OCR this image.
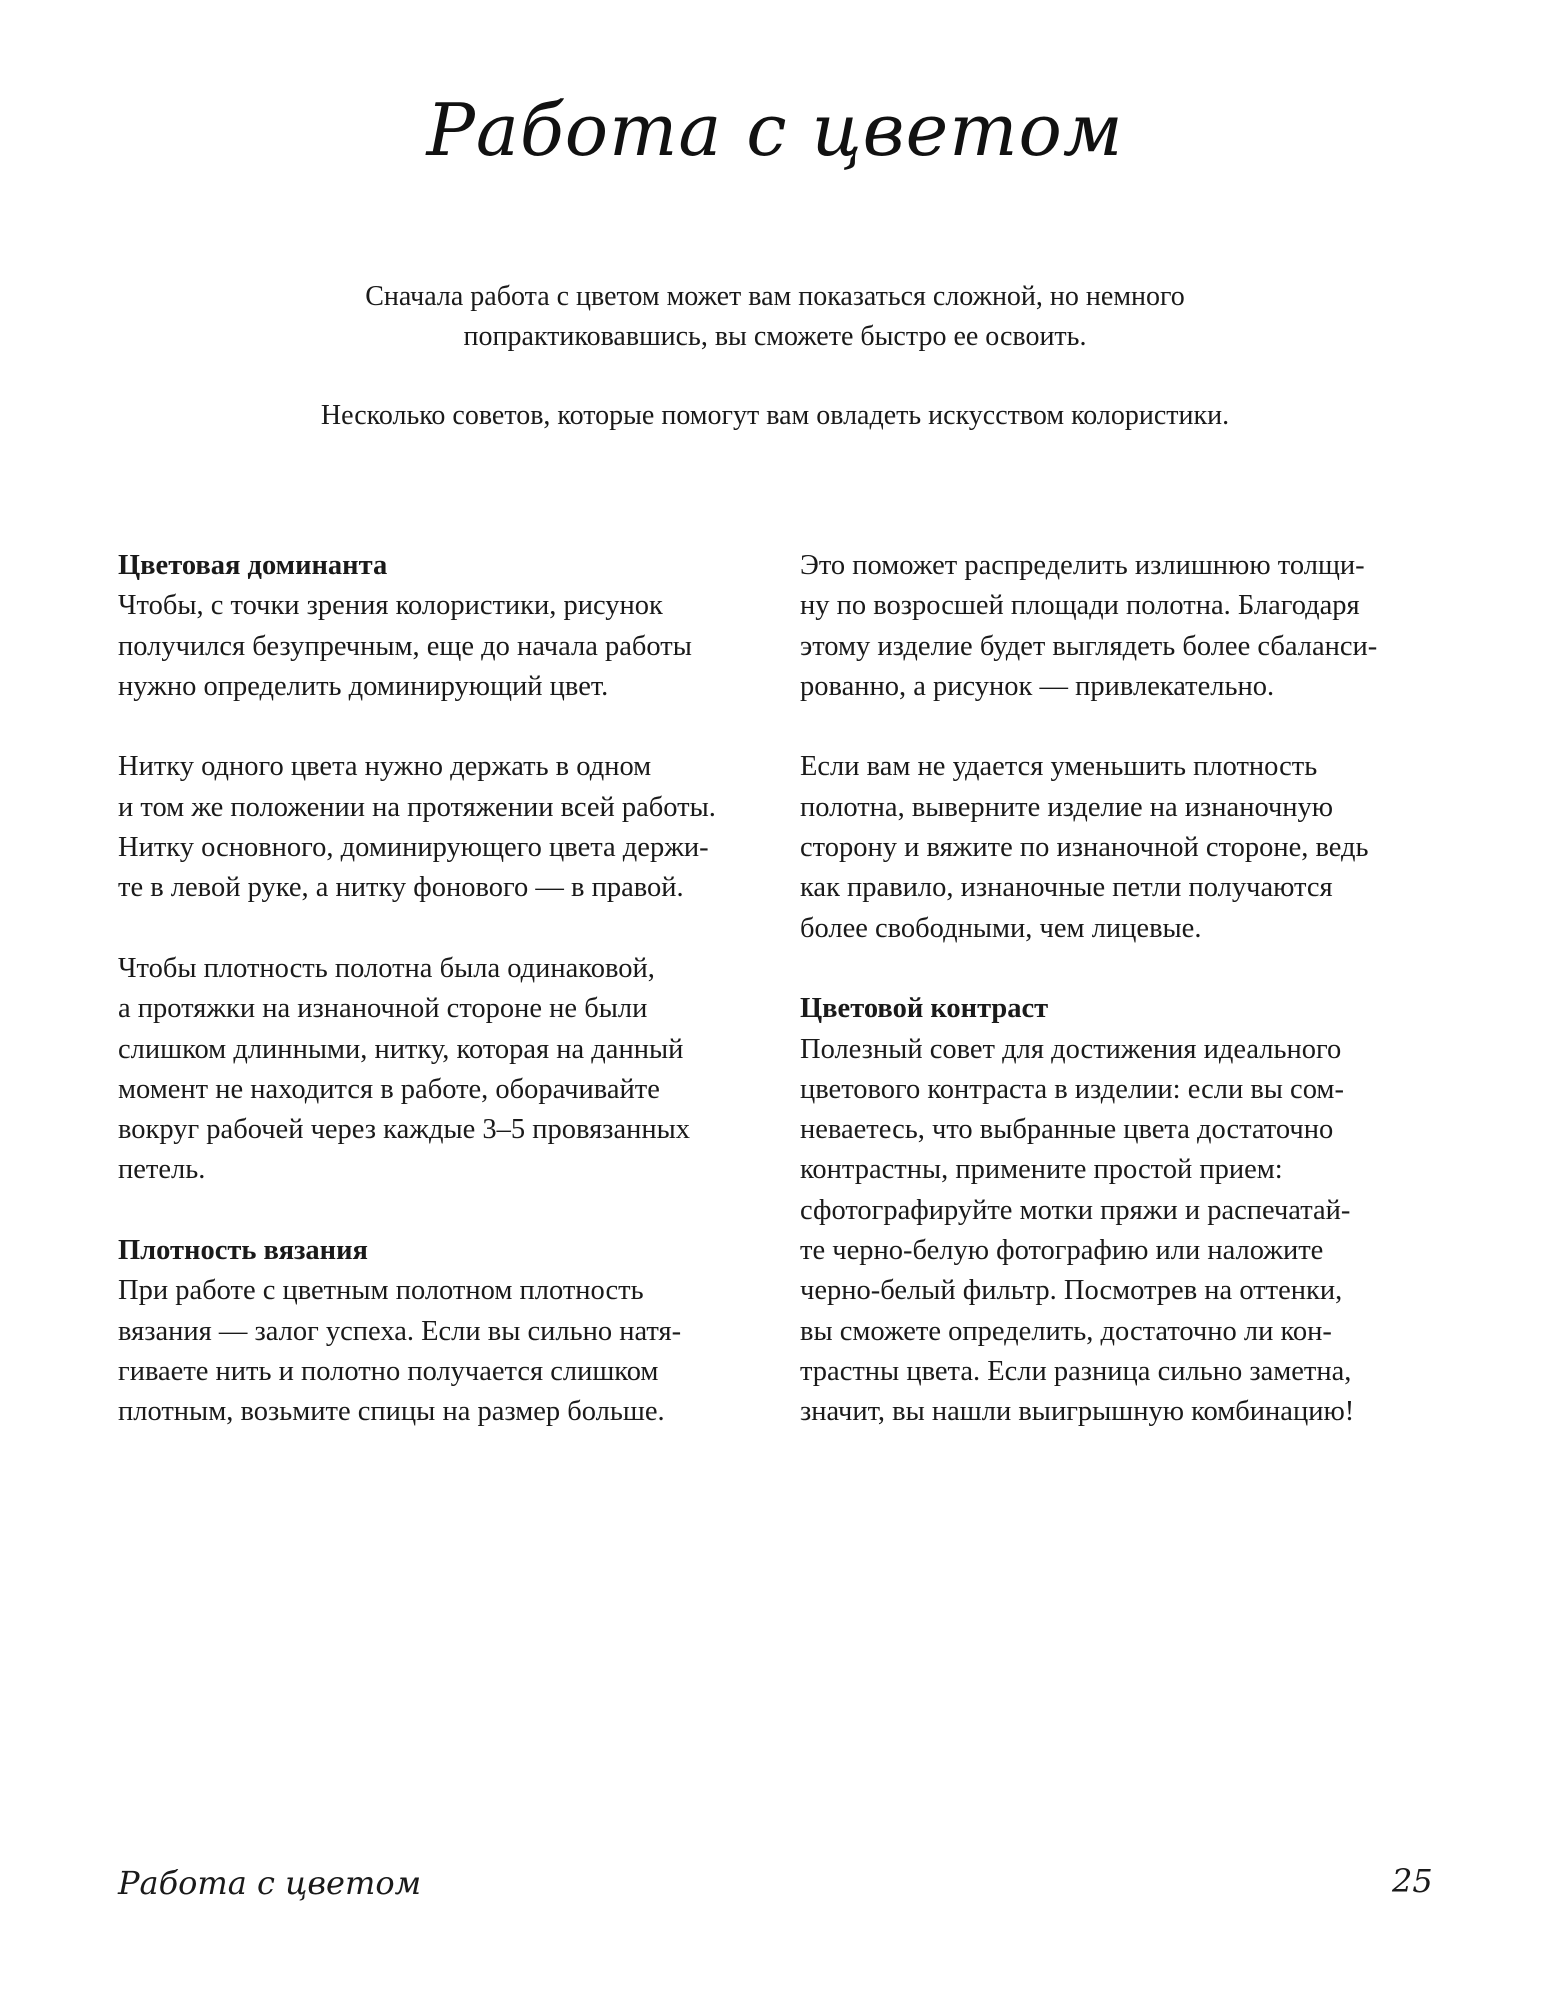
Работа с цветом
Сначала работа с цветом может вам показаться сложной, но немного
попрактиковавшись, вы сможете быстро ее освоить.
Несколько советов, которые помогут вам овладеть искусством колористики.
Цветовая доминанта
Чтобы, с точки зрения колористики, рисунок
получился безупречным, еще до начала работы
нужно определить доминирующий цвет.
Нитку одного цвета нужно держать в одном
и том же положении на протяжении всей работы.
Нитку основного, доминирующего цвета держи-
те в левой руке, а нитку фонового — в правой.
Чтобы плотность полотна была одинаковой,
а протяжки на изнаночной стороне не были
слишком длинными, нитку, которая на данный
момент не находится в работе, оборачивайте
вокруг рабочей через каждые 3–5 провязанных
петель.
Плотность вязания
При работе с цветным полотном плотность
вязания — залог успеха. Если вы сильно натя-
гиваете нить и полотно получается слишком
плотным, возьмите спицы на размер больше.
Это поможет распределить излишнюю толщи-
ну по возросшей площади полотна. Благодаря
этому изделие будет выглядеть более сбаланси-
рованно, а рисунок — привлекательно.
Если вам не удается уменьшить плотность
полотна, выверните изделие на изнаночную
сторону и вяжите по изнаночной стороне, ведь
как правило, изнаночные петли получаются
более свободными, чем лицевые.
Цветовой контраст
Полезный совет для достижения идеального
цветового контраста в изделии: если вы сом-
неваетесь, что выбранные цвета достаточно
контрастны, примените простой прием:
сфотографируйте мотки пряжи и распечатай-
те черно-белую фотографию или наложите
черно-белый фильтр. Посмотрев на оттенки,
вы сможете определить, достаточно ли кон-
трастны цвета. Если разница сильно заметна,
значит, вы нашли выигрышную комбинацию!
Работа с цветом	25
